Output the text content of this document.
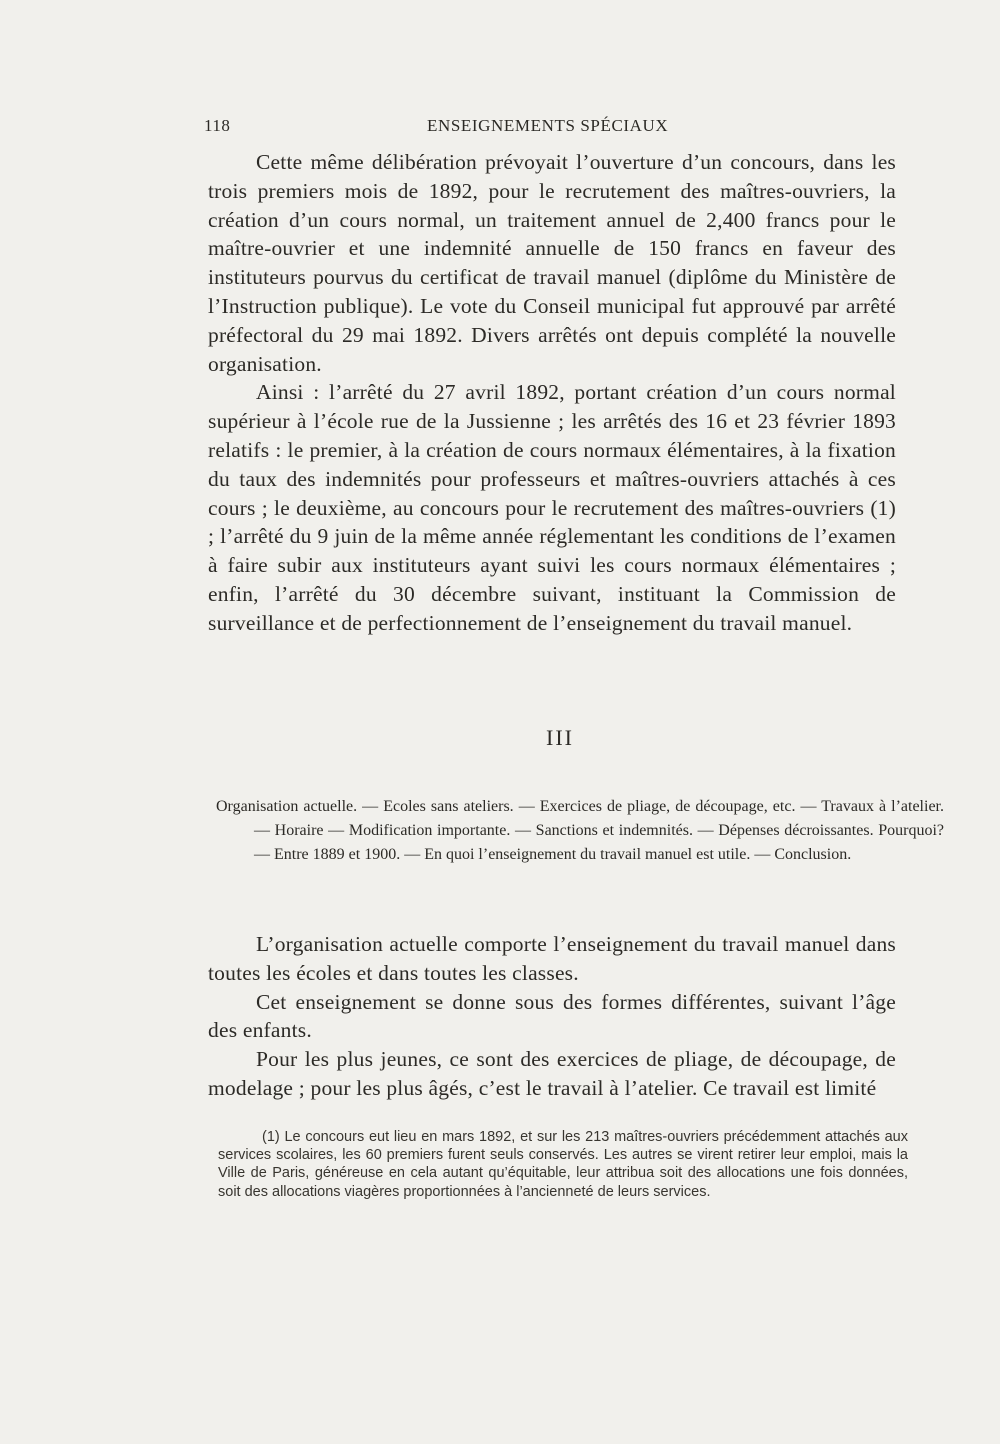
118	ENSEIGNEMENTS SPÉCIAUX

Cette même délibération prévoyait l’ouverture d’un concours, dans les trois premiers mois de 1892, pour le recrutement des maîtres-ouvriers, la création d’un cours normal, un traitement annuel de 2,400 francs pour le maître-ouvrier et une indemnité annuelle de 150 francs en faveur des instituteurs pourvus du certificat de travail manuel (diplôme du Ministère de l’Instruction publique). Le vote du Conseil municipal fut approuvé par arrêté préfectoral du 29 mai 1892. Divers arrêtés ont depuis complété la nouvelle organisation.

Ainsi : l’arrêté du 27 avril 1892, portant création d’un cours normal supérieur à l’école rue de la Jussienne ; les arrêtés des 16 et 23 février 1893 relatifs : le premier, à la création de cours normaux élémentaires, à la fixation du taux des indemnités pour professeurs et maîtres-ouvriers attachés à ces cours ; le deuxième, au concours pour le recrutement des maîtres-ouvriers (1) ; l’arrêté du 9 juin de la même année réglementant les conditions de l’examen à faire subir aux instituteurs ayant suivi les cours normaux élémentaires ; enfin, l’arrêté du 30 décembre suivant, instituant la Commission de surveillance et de perfectionnement de l’enseignement du travail manuel.

III
Organisation actuelle. — Ecoles sans ateliers. — Exercices de pliage, de découpage, etc. — Travaux à l’atelier. — Horaire — Modification importante. — Sanctions et indemnités. — Dépenses décroissantes. Pourquoi? — Entre 1889 et 1900. — En quoi l’enseignement du travail manuel est utile. — Conclusion.

L’organisation actuelle comporte l’enseignement du travail manuel dans toutes les écoles et dans toutes les classes.

Cet enseignement se donne sous des formes différentes, suivant l’âge des enfants.

Pour les plus jeunes, ce sont des exercices de pliage, de découpage, de modelage ; pour les plus âgés, c’est le travail à l’atelier. Ce travail est limité

(1) Le concours eut lieu en mars 1892, et sur les 213 maîtres-ouvriers précédemment attachés aux services scolaires, les 60 premiers furent seuls conservés. Les autres se virent retirer leur emploi, mais la Ville de Paris, généreuse en cela autant qu’équitable, leur attribua soit des allocations une fois données, soit des allocations viagères proportionnées à l’ancienneté de leurs services.
